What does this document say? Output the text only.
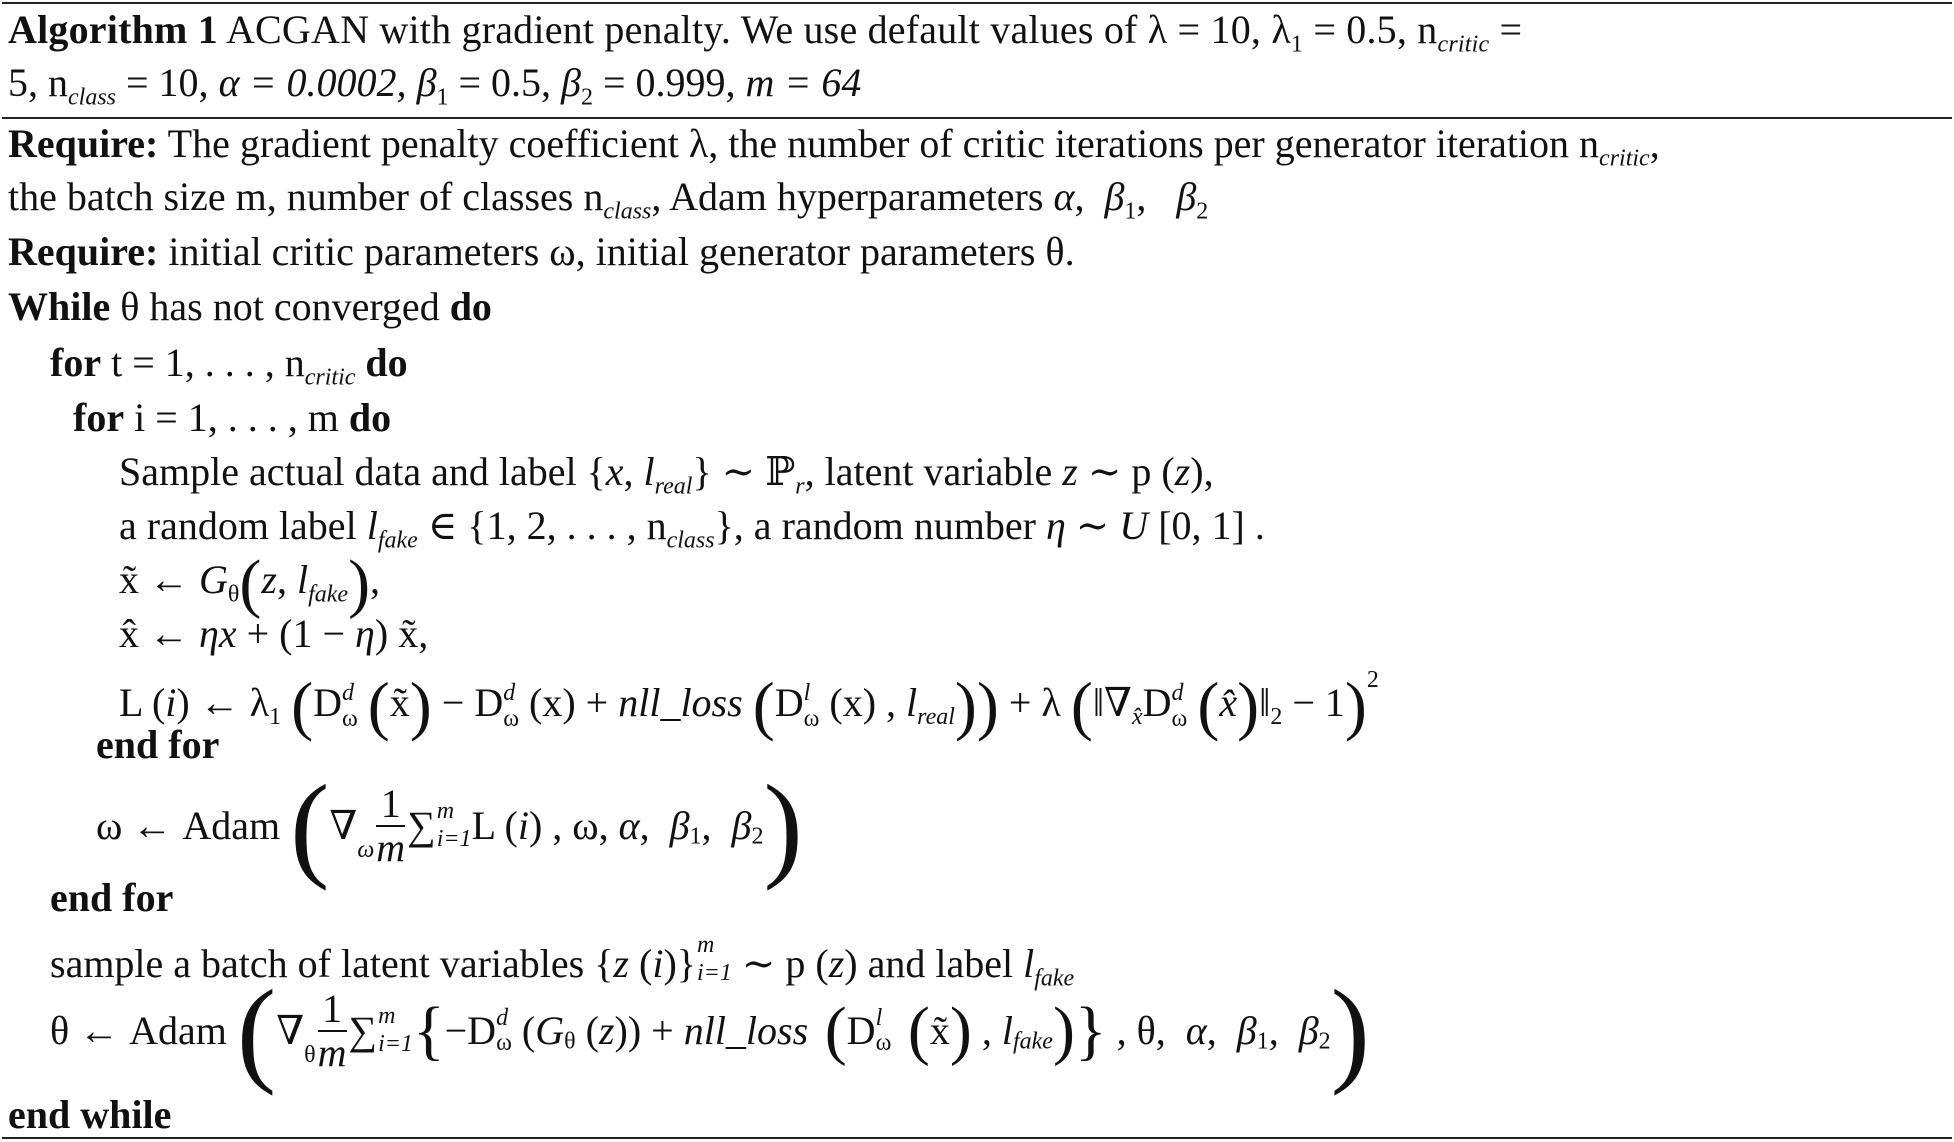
Algorithm 1 ACGAN with gradient penalty. We use default values of λ = 10, $\lambda_1 = 0.5$, $n_{critic}$ =
5, $n_{class} = 10$, α = 0.0002, $\beta_1 = 0.5$, $\beta_2 = 0.999$, m = 64
Require: The gradient penalty coefficient λ, the number of critic iterations per generator iteration $n_{critic}$,
the batch size m, number of classes $n_{class}$, Adam hyperparameters α,  $\beta_1$,   $\beta_2$
Require: initial critic parameters ω, initial generator parameters θ.
While θ has not converged do
for t = 1, . . . , $n_{critic}$ do
for i = 1, . . . , m do
Sample actual data and label {x, $l_{real}$} ∼ ℙ$_r$, latent variable z ∼ p (z),
a random label $l_{fake}$ ∈ {1, 2, . . . , $n_{class}$}, a random number η ∼ U [0, 1] .
x̃ ← $G_\theta(z$, $l_{fake}$),
x̂ ← ηx + (1 − η) x̃,
L (i) ← $\lambda_1$ (D d
ω (x̃) − D d
ω (x) + nll_loss (D l
ω (x) , $l_{real})) + \lambda$ ($‖\nabla_{x̂}D$ d
ω $(x̂)‖_2 - 1)^2$
end for
ω ← Adam ($\nabla_\omega \frac{1}{m}$ ∑ m
i=1 L (i) , ω, α,  $\beta_1$,  $\beta_2$)
end for
sample a batch of latent variables {z (i)} m
i=1 ∼ p (z) and label $l_{fake}$
θ ← Adam ($\nabla_\theta \frac{1}{m}$ ∑ m
i=1 {−D d
ω ($G_\theta$ (z)) + nll_loss (D l
ω (x̃) , $l_{fake}$)} , θ,  α,  $\beta_1$,  $\beta_2$)
end while
